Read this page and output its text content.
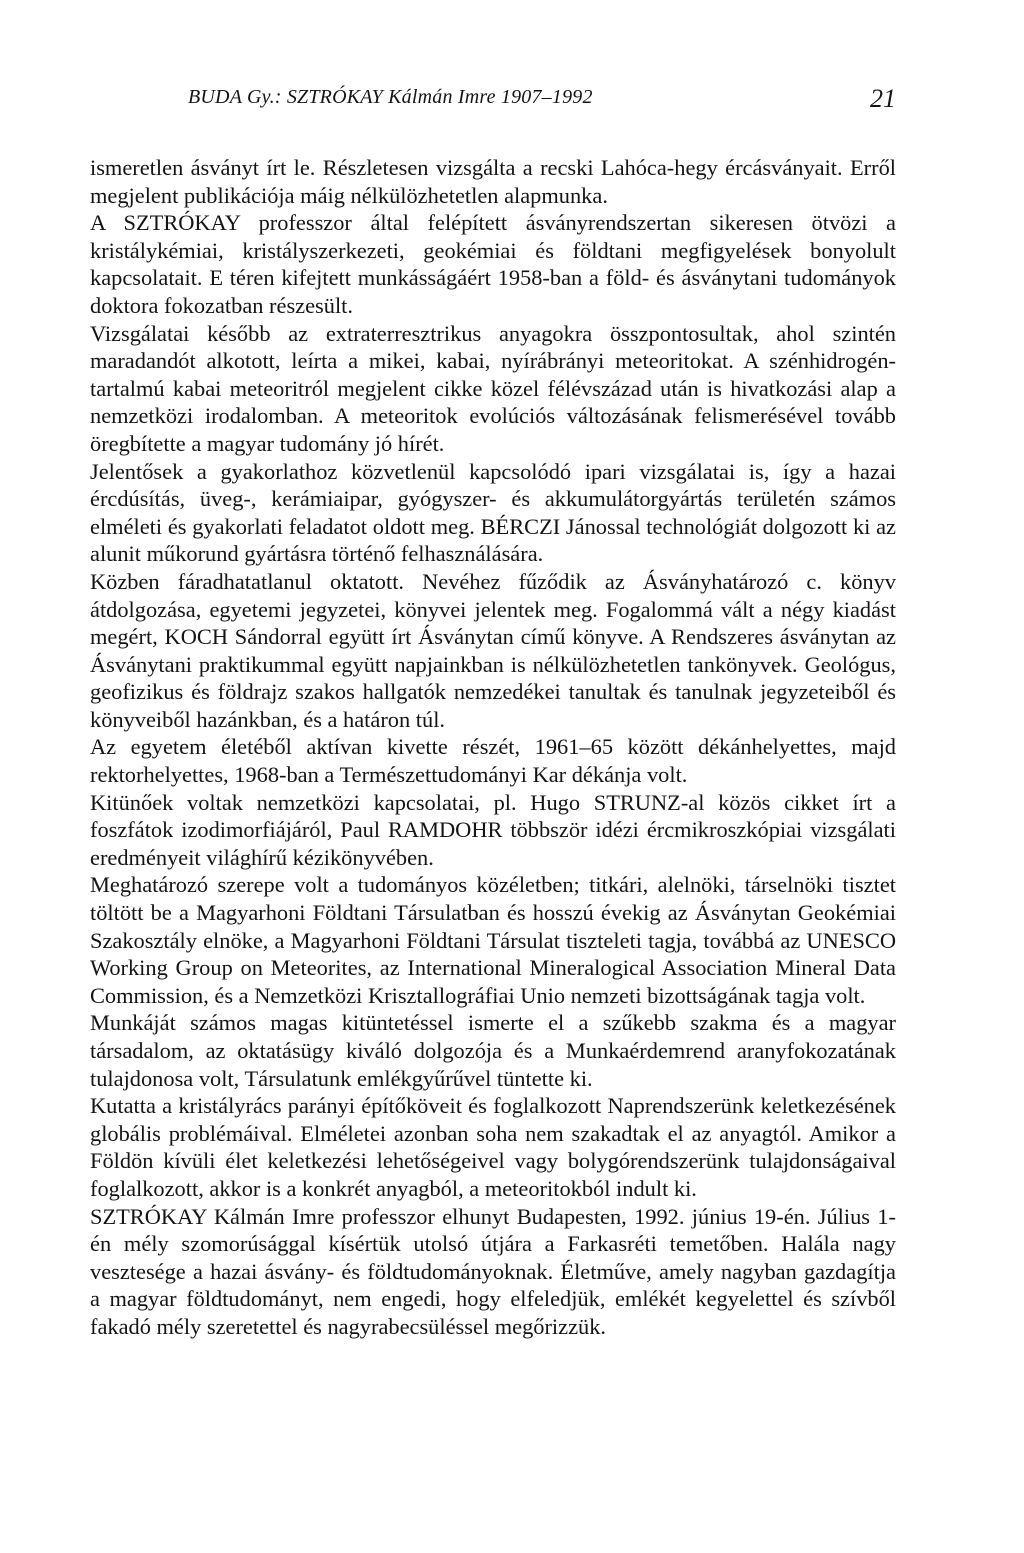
BUDA Gy.: SZTRÓKAY Kálmán Imre 1907–1992	21

ismeretlen ásványt írt le. Részletesen vizsgálta a recski Lahóca-hegy ércásványait. Erről megjelent publikációja máig nélkülözhetetlen alapmunka.

A SZTRÓKAY professzor által felépített ásványrendszertan sikeresen ötvözi a kristálykémiai, kristályszerkezeti, geokémiai és földtani megfigyelések bonyolult kapcsolatait. E téren kifejtett munkásságáért 1958-ban a föld- és ásványtani tudományok doktora fokozatban részesült.

Vizsgálatai később az extraterresztrikus anyagokra összpontosultak, ahol szintén maradandót alkotott, leírta a mikei, kabai, nyírábrányi meteoritokat. A szénhidrogén-tartalmú kabai meteoritról megjelent cikke közel félévszázad után is hivatkozási alap a nemzetközi irodalomban. A meteoritok evolúciós változásának felismerésével tovább öregbítette a magyar tudomány jó hírét.

Jelentősek a gyakorlathoz közvetlenül kapcsolódó ipari vizsgálatai is, így a hazai ércdúsítás, üveg-, kerámiaipar, gyógyszer- és akkumulátorgyártás területén számos elméleti és gyakorlati feladatot oldott meg. BÉRCZI Jánossal technológiát dolgozott ki az alunit műkorund gyártásra történő felhasználására.

Közben fáradhatatlanul oktatott. Nevéhez fűződik az Ásványhatározó c. könyv átdolgozása, egyetemi jegyzetei, könyvei jelentek meg. Fogalommá vált a négy kiadást megért, KOCH Sándorral együtt írt Ásványtan című könyve. A Rendszeres ásványtan az Ásványtani praktikummal együtt napjainkban is nélkülözhetetlen tankönyvek. Geológus, geofizikus és földrajz szakos hallgatók nemzedékei tanultak és tanulnak jegyzeteiből és könyveiből hazánkban, és a határon túl.

Az egyetem életéből aktívan kivette részét, 1961–65 között dékánhelyettes, majd rektorhelyettes, 1968-ban a Természettudományi Kar dékánja volt.

Kitünőek voltak nemzetközi kapcsolatai, pl. Hugo STRUNZ-al közös cikket írt a foszfátok izodimorfiájáról, Paul RAMDOHR többször idézi ércmikroszkópiai vizsgálati eredményeit világhírű kézikönyvében.

Meghatározó szerepe volt a tudományos közéletben; titkári, alelnöki, társelnöki tisztet töltött be a Magyarhoni Földtani Társulatban és hosszú évekig az Ásványtan Geokémiai Szakosztály elnöke, a Magyarhoni Földtani Társulat tiszteleti tagja, továbbá az UNESCO Working Group on Meteorites, az International Mineralogical Association Mineral Data Commission, és a Nemzetközi Krisztallográfiai Unio nemzeti bizottságának tagja volt.

Munkáját számos magas kitüntetéssel ismerte el a szűkebb szakma és a magyar társadalom, az oktatásügy kiváló dolgozója és a Munkaérdemrend aranyfokozatának tulajdonosa volt, Társulatunk emlékgyűrűvel tüntette ki.

Kutatta a kristályrács parányi építőköveit és foglalkozott Naprendszerünk keletkezésének globális problémáival. Elméletei azonban soha nem szakadtak el az anyagtól. Amikor a Földön kívüli élet keletkezési lehetőségeivel vagy bolygórendszerünk tulajdonságaival foglalkozott, akkor is a konkrét anyagból, a meteoritokból indult ki.

SZTRÓKAY Kálmán Imre professzor elhunyt Budapesten, 1992. június 19-én. Július 1-én mély szomorúsággal kísértük utolsó útjára a Farkasréti temetőben. Halála nagy vesztesége a hazai ásvány- és földtudományoknak. Életműve, amely nagyban gazdagítja a magyar földtudományt, nem engedi, hogy elfeledjük, emlékét kegyelettel és szívből fakadó mély szeretettel és nagyrabecsüléssel megőrizzük.
